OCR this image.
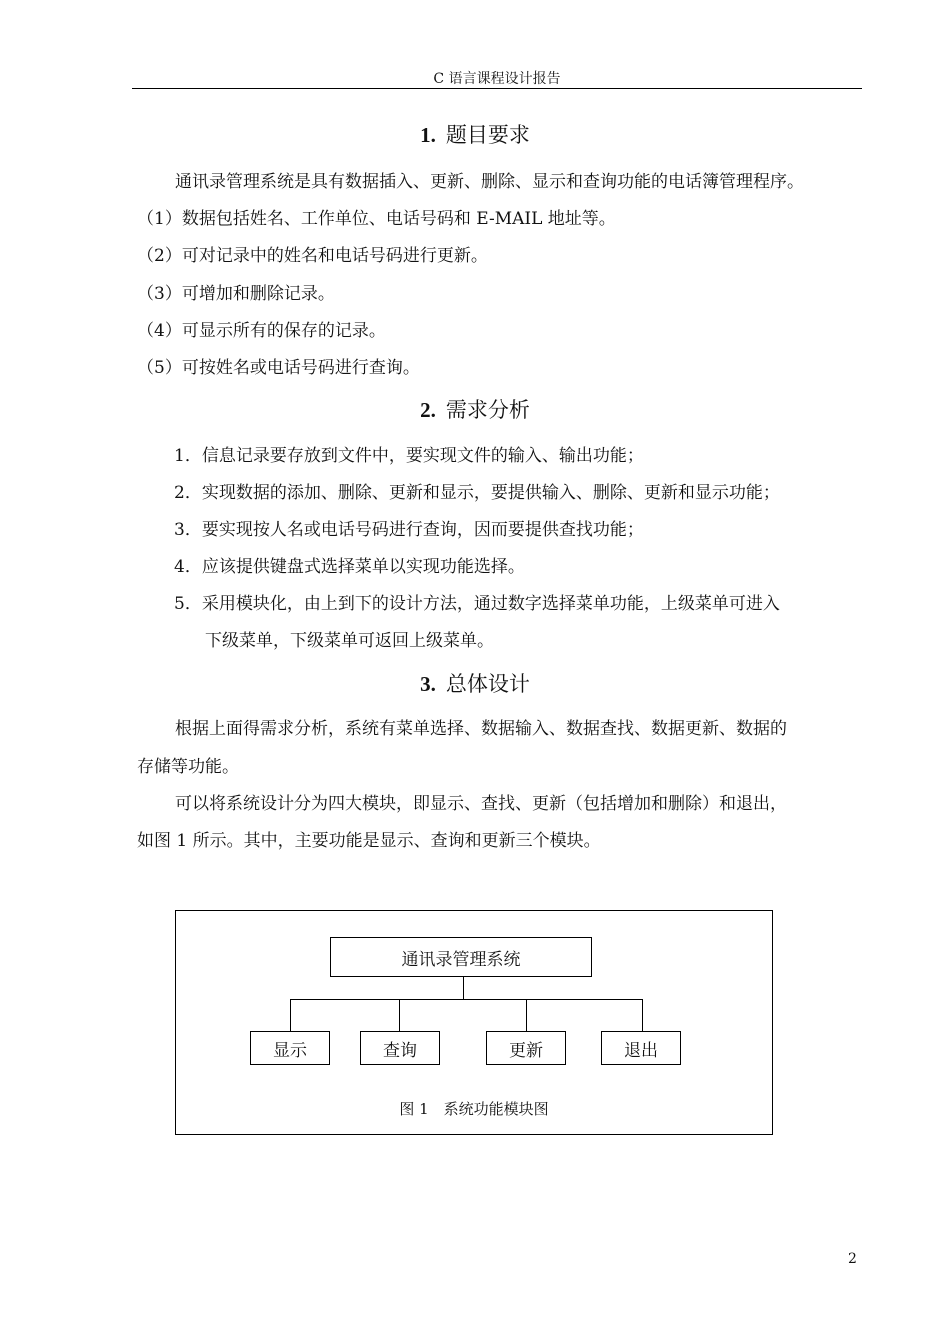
C 语言课程设计报告
1. 题目要求
通讯录管理系统是具有数据插入、更新、删除、显示和查询功能的电话簿管理程序。
（1）数据包括姓名、工作单位、电话号码和 E-MAIL 地址等。
（2）可对记录中的姓名和电话号码进行更新。
（3）可增加和删除记录。
（4）可显示所有的保存的记录。
（5）可按姓名或电话号码进行查询。
2. 需求分析
1．信息记录要存放到文件中，要实现文件的输入、输出功能；
2．实现数据的添加、删除、更新和显示，要提供输入、删除、更新和显示功能；
3．要实现按人名或电话号码进行查询，因而要提供查找功能；
4．应该提供键盘式选择菜单以实现功能选择。
5．采用模块化，由上到下的设计方法，通过数字选择菜单功能，上级菜单可进入
下级菜单，下级菜单可返回上级菜单。
3. 总体设计
根据上面得需求分析，系统有菜单选择、数据输入、数据查找、数据更新、数据的
存储等功能。
可以将系统设计分为四大模块，即显示、查找、更新（包括增加和删除）和退出，
如图 1 所示。其中，主要功能是显示、查询和更新三个模块。
通讯录管理系统
显示	查询	更新	退出
图 1　系统功能模块图
2
